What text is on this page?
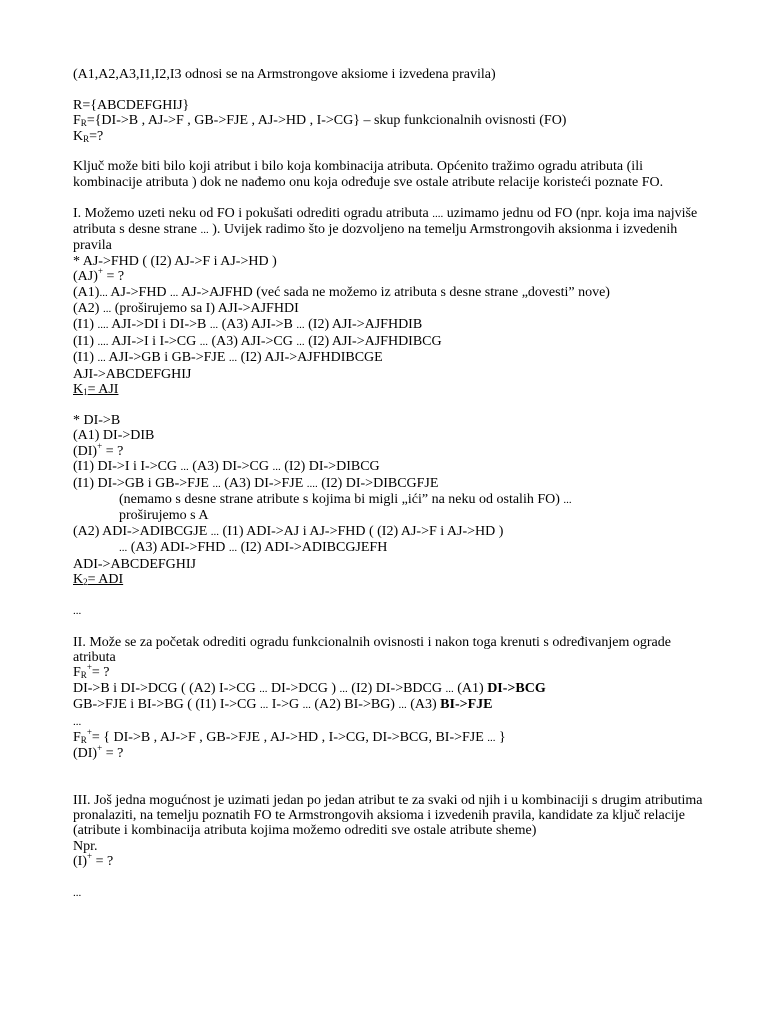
(A1,A2,A3,I1,I2,I3 odnosi se na Armstrongove aksiome i izvedena pravila)

R={ABCDEFGHIJ}

FR={DI->B , AJ->F , GB->FJE , AJ->HD , I->CG} – skup funkcionalnih ovisnosti (FO)

KR=?

Ključ može biti bilo koji atribut i bilo koja kombinacija atributa. Općenito tražimo ogradu atributa (ili kombinacije atributa ) dok ne nađemo onu koja određuje sve ostale atribute relacije koristeći poznate FO.

I. Možemo uzeti neku od FO i pokušati odrediti ogradu atributa .... uzimamo jednu od FO (npr. koja ima najviše atributa s desne strane ... ). Uvijek radimo što je dozvoljeno na temelju Armstrongovih aksionma i izvedenih pravila

* AJ->FHD ( (I2) AJ->F i AJ->HD )

(AJ)+ = ?

(A1)... AJ->FHD ... AJ->AJFHD (već sada ne možemo iz atributa s desne strane „dovesti” nove)

(A2) ... (proširujemo sa I) AJI->AJFHDI

(I1) .... AJI->DI i DI->B ... (A3) AJI->B ... (I2) AJI->AJFHDIB

(I1) .... AJI->I i I->CG ... (A3) AJI->CG ... (I2) AJI->AJFHDIBCG

(I1) ... AJI->GB i GB->FJE ... (I2) AJI->AJFHDIBCGE

AJI->ABCDEFGHIJ

K1= AJI

* DI->B

(A1) DI->DIB

(DI)+ = ?

(I1) DI->I i I->CG ... (A3) DI->CG ... (I2) DI->DIBCG

(I1) DI->GB i GB->FJE ... (A3) DI->FJE .... (I2) DI->DIBCGFJE

(nemamo s desne strane atribute s kojima bi migli „ići” na neku od ostalih FO) ...

proširujemo s A

(A2) ADI->ADIBCGJE ... (I1) ADI->AJ i AJ->FHD ( (I2) AJ->F i AJ->HD )

... (A3) ADI->FHD ... (I2) ADI->ADIBCGJEFH

ADI->ABCDEFGHIJ

K2= ADI

...

II. Može se za početak odrediti ogradu funkcionalnih ovisnosti i nakon toga krenuti s određivanjem ograde atributa

FR+= ?

DI->B i DI->DCG ( (A2) I->CG ... DI->DCG ) ... (I2) DI->BDCG ... (A1) DI->BCG

GB->FJE i BI->BG ( (I1) I->CG ... I->G ... (A2) BI->BG) ... (A3) BI->FJE

...

FR+= { DI->B , AJ->F , GB->FJE , AJ->HD , I->CG, DI->BCG, BI->FJE ... }

(DI)+ = ?

III. Još jedna mogućnost je uzimati jedan po jedan atribut te za svaki od njih i u kombinaciji s drugim atributima pronalaziti, na temelju poznatih FO te Armstrongovih aksioma i izvedenih pravila, kandidate za ključ relacije (atribute i kombinacija atributa kojima možemo odrediti sve ostale atribute sheme)

Npr.

(I)+ = ?

...
